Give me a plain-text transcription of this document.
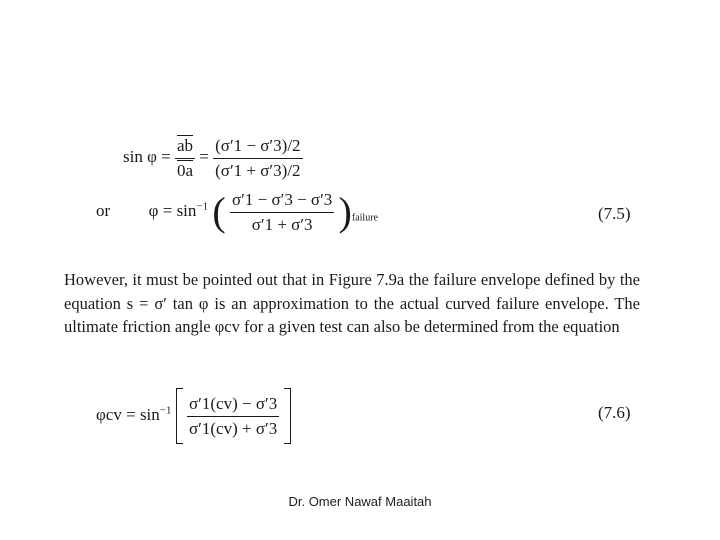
$\sin \varphi = \frac{\overline{ab}}{0a} = \frac{(\sigma'1 - \sigma'3)/2}{(\sigma'1 + \sigma'3)/2}$
or $\varphi = \sin^{-1}$ ( $\frac{\sigma'1 - \sigma'3 - \sigma'3}{\sigma'1 + \sigma'3} )_{failure}$	(7.5)
However, it must be pointed out that in Figure 7.9a the failure envelope defined by the equation s = σ′ tan φ is an approximation to the actual curved failure envelope. The ultimate friction angle φcv for a given test can also be determined from the equation
$\varphi cv = \sin^{-1} \frac{\sigma'1(cv) - \sigma'3}{\sigma'1(cv) + \sigma'3}$
	(7.6)
Dr. Omer Nawaf Maaitah
